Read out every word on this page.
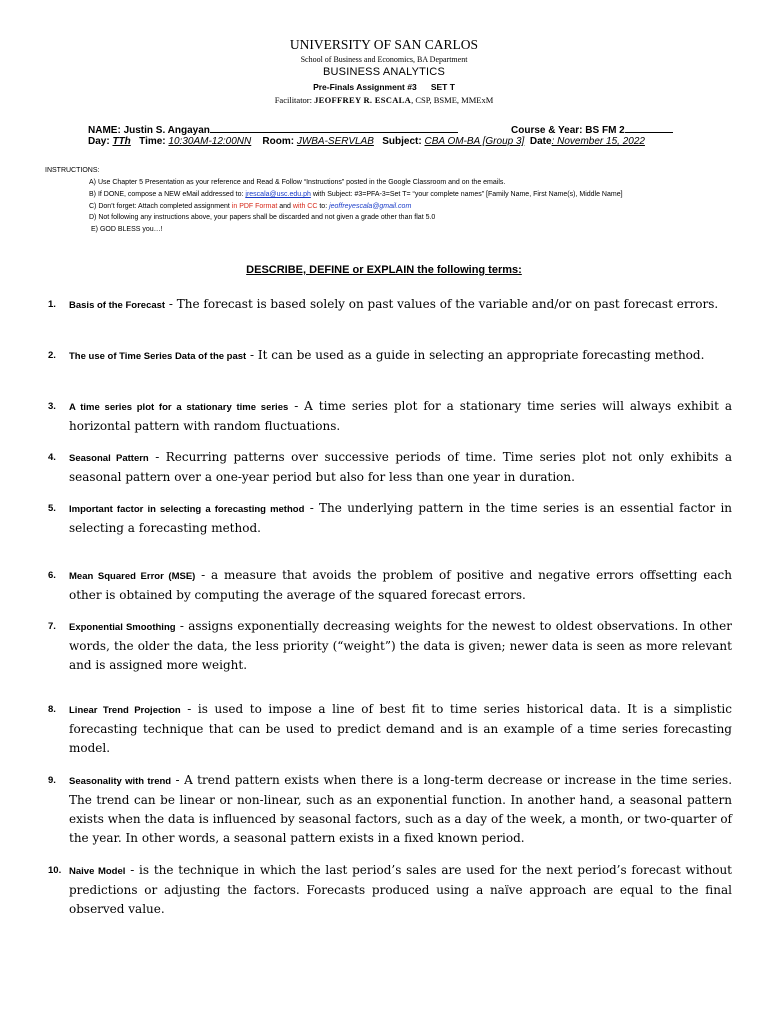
UNIVERSITY OF SAN CARLOS
School of Business and Economics, BA Department
BUSINESS ANALYTICS
Pre-Finals Assignment #3      SET T
Facilitator: JEOFFREY R. ESCALA, CSP, BSME, MMExM
NAME: Justin S. Angayan	Course & Year: BS FM 2
Day: TTh Time: 10:30AM-12:00NN Room: JWBA-SERVLAB Subject: CBA OM-BA [Group 3] Date: November 15, 2022
INSTRUCTIONS:
A) Use Chapter 5 Presentation as your reference and Read & Follow “Instructions” posted in the Google Classroom and on the emails.
B) If DONE, compose a NEW eMail addressed to: jrescala@usc.edu.ph with Subject: #3=PFA-3=Set T= “your complete names” [Family Name, First Name(s), Middle Name]
C) Don’t forget: Attach completed assignment in PDF Format and with CC to: jeoffreyescala@gmail.com
D) Not following any instructions above, your papers shall be discarded and not given a grade other than flat 5.0
E) GOD BLESS you…!
DESCRIBE, DEFINE or EXPLAIN the following terms:
1. Basis of the Forecast - The forecast is based solely on past values of the variable and/or on past forecast errors.
2. The use of Time Series Data of the past - It can be used as a guide in selecting an appropriate forecasting method.
3. A time series plot for a stationary time series - A time series plot for a stationary time series will always exhibit a horizontal pattern with random fluctuations.
4. Seasonal Pattern - Recurring patterns over successive periods of time. Time series plot not only exhibits a seasonal pattern over a one-year period but also for less than one year in duration.
5. Important factor in selecting a forecasting method - The underlying pattern in the time series is an essential factor in selecting a forecasting method.
6. Mean Squared Error (MSE) - a measure that avoids the problem of positive and negative errors offsetting each other is obtained by computing the average of the squared forecast errors.
7. Exponential Smoothing - assigns exponentially decreasing weights for the newest to oldest observations. In other words, the older the data, the less priority (“weight”) the data is given; newer data is seen as more relevant and is assigned more weight.
8. Linear Trend Projection - is used to impose a line of best fit to time series historical data. It is a simplistic forecasting technique that can be used to predict demand and is an example of a time series forecasting model.
9. Seasonality with trend - A trend pattern exists when there is a long-term decrease or increase in the time series. The trend can be linear or non-linear, such as an exponential function. In another hand, a seasonal pattern exists when the data is influenced by seasonal factors, such as a day of the week, a month, or two-quarter of the year. In other words, a seasonal pattern exists in a fixed known period.
10. Naive Model - is the technique in which the last period’s sales are used for the next period’s forecast without predictions or adjusting the factors. Forecasts produced using a naïve approach are equal to the final observed value.
